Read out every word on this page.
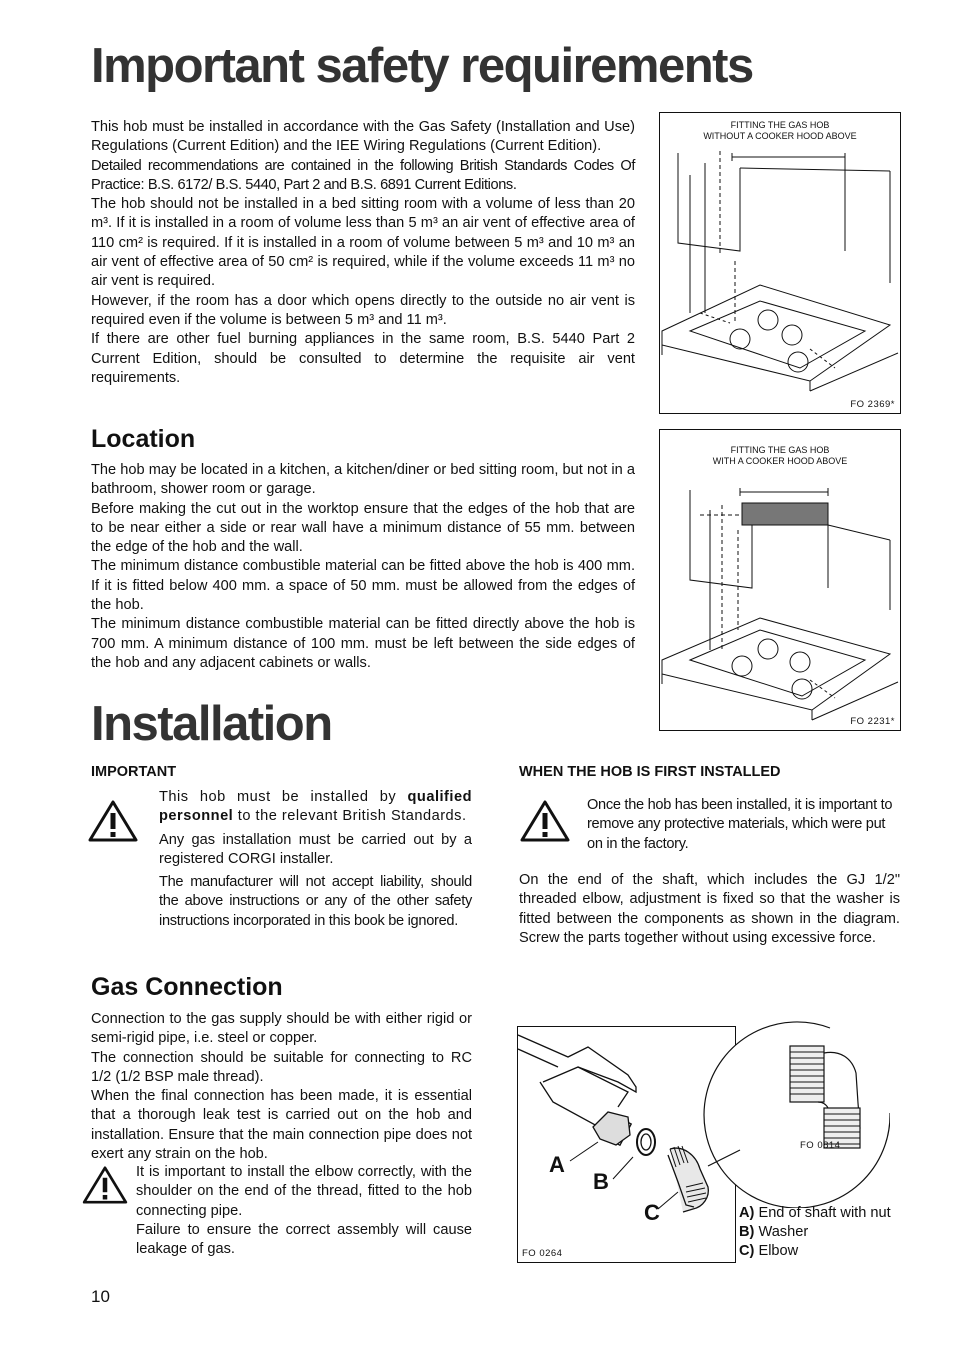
Important safety requirements

This hob must be installed in accordance with the Gas Safety (Installation and Use) Regulations (Current Edition) and the IEE Wiring Regulations (Current Edition).

Detailed recommendations are contained in the following British Standards Codes Of Practice: B.S. 6172/ B.S. 5440, Part 2 and B.S. 6891 Current Editions.

The hob should not be installed in a bed sitting room with a volume of less than 20 m³. If it is installed in a room of volume less than 5 m³ an air vent of effective area of 110 cm² is required. If it is installed in a room of volume between 5 m³ and 10 m³ an air vent of effective area of 50 cm² is required, while if the volume exceeds 11 m³ no air vent is required.

However, if the room has a door which opens directly to the outside no air vent is required even if the volume is between 5 m³ and 11 m³.

If there are other fuel burning appliances in the same room, B.S. 5440 Part 2 Current Edition, should be consulted to determine the requisite air vent requirements.

Location

The hob may be located in a kitchen, a kitchen/diner or bed sitting room, but not in a bathroom, shower room or garage.

Before making the cut out in the worktop ensure that the edges of the hob that are to be near either a side or rear wall have a minimum distance of 55 mm. between the edge of the hob and the wall.

The minimum distance combustible material can be fitted above the hob is 400 mm. If it is fitted below 400 mm. a space of 50 mm. must be allowed from the edges of the hob.

The minimum distance combustible material can be fitted directly above the hob is 700 mm. A minimum distance of 100 mm. must be left between the side edges of the hob and any adjacent cabinets or walls.

FITTING THE GAS HOB
WITHOUT A COOKER HOOD ABOVE
FO 2369*
FITTING THE GAS HOB
WITH A COOKER HOOD ABOVE
FO 2231*
Installation
IMPORTANT

This hob must be installed by qualified personnel to the relevant British Standards.

Any gas installation must be carried out by a registered CORGI installer.

The manufacturer will not accept liability, should the above instructions or any of the other safety instructions incorporated in this book be ignored.

WHEN THE HOB IS FIRST INSTALLED
Once the hob has been installed, it is important to remove any protective materials, which were put on in the factory.
On the end of the shaft, which includes the GJ 1/2" threaded elbow, adjustment is fixed so that the washer is fitted between the components as shown in the diagram. Screw the parts together without using excessive force.
Gas Connection

Connection to the gas supply should be with either rigid or semi-rigid pipe, i.e. steel or copper.

The connection should be suitable for connecting to RC 1/2 (1/2 BSP male thread).

When the final connection has been made, it is essential that a thorough leak test is carried out on the hob and installation. Ensure that the main connection pipe does not exert any strain on the hob.

It is important to install the elbow correctly, with the shoulder on the end of the thread, fitted to the hob connecting pipe.

Failure to ensure the correct assembly will cause leakage of gas.

A
B
C
FO 0264
FO 0814
A) End of shaft with nut
B) Washer
C) Elbow
10
